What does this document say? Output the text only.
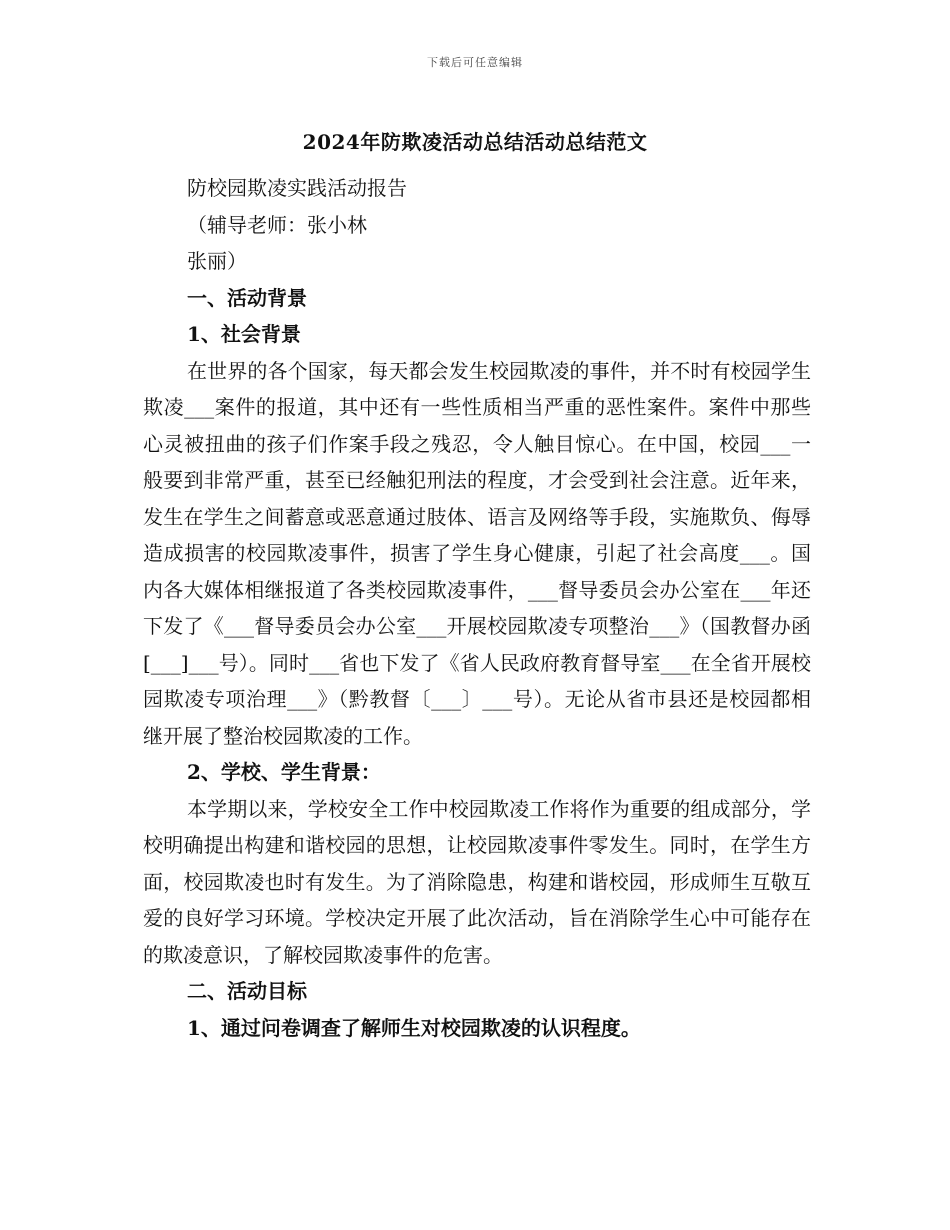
下载后可任意编辑
2024年防欺凌活动总结活动总结范文
防校园欺凌实践活动报告
（辅导老师：张小林
张丽）
一、活动背景
1、社会背景
在世界的各个国家，每天都会发生校园欺凌的事件，并不时有校园学生欺凌___案件的报道，其中还有一些性质相当严重的恶性案件。案件中那些心灵被扭曲的孩子们作案手段之残忍，令人触目惊心。在中国，校园___一般要到非常严重，甚至已经触犯刑法的程度，才会受到社会注意。近年来，发生在学生之间蓄意或恶意通过肢体、语言及网络等手段，实施欺负、侮辱造成损害的校园欺凌事件，损害了学生身心健康，引起了社会高度___。国内各大媒体相继报道了各类校园欺凌事件，___督导委员会办公室在___年还下发了《___督导委员会办公室___开展校园欺凌专项整治___》（国教督办函[___]___号）。同时___省也下发了《省人民政府教育督导室___在全省开展校园欺凌专项治理___》（黔教督〔___〕___号）。无论从省市县还是校园都相继开展了整治校园欺凌的工作。
2、学校、学生背景：
本学期以来，学校安全工作中校园欺凌工作将作为重要的组成部分，学校明确提出构建和谐校园的思想，让校园欺凌事件零发生。同时，在学生方面，校园欺凌也时有发生。为了消除隐患，构建和谐校园，形成师生互敬互爱的良好学习环境。学校决定开展了此次活动，旨在消除学生心中可能存在的欺凌意识，了解校园欺凌事件的危害。
二、活动目标
1、通过问卷调查了解师生对校园欺凌的认识程度。
